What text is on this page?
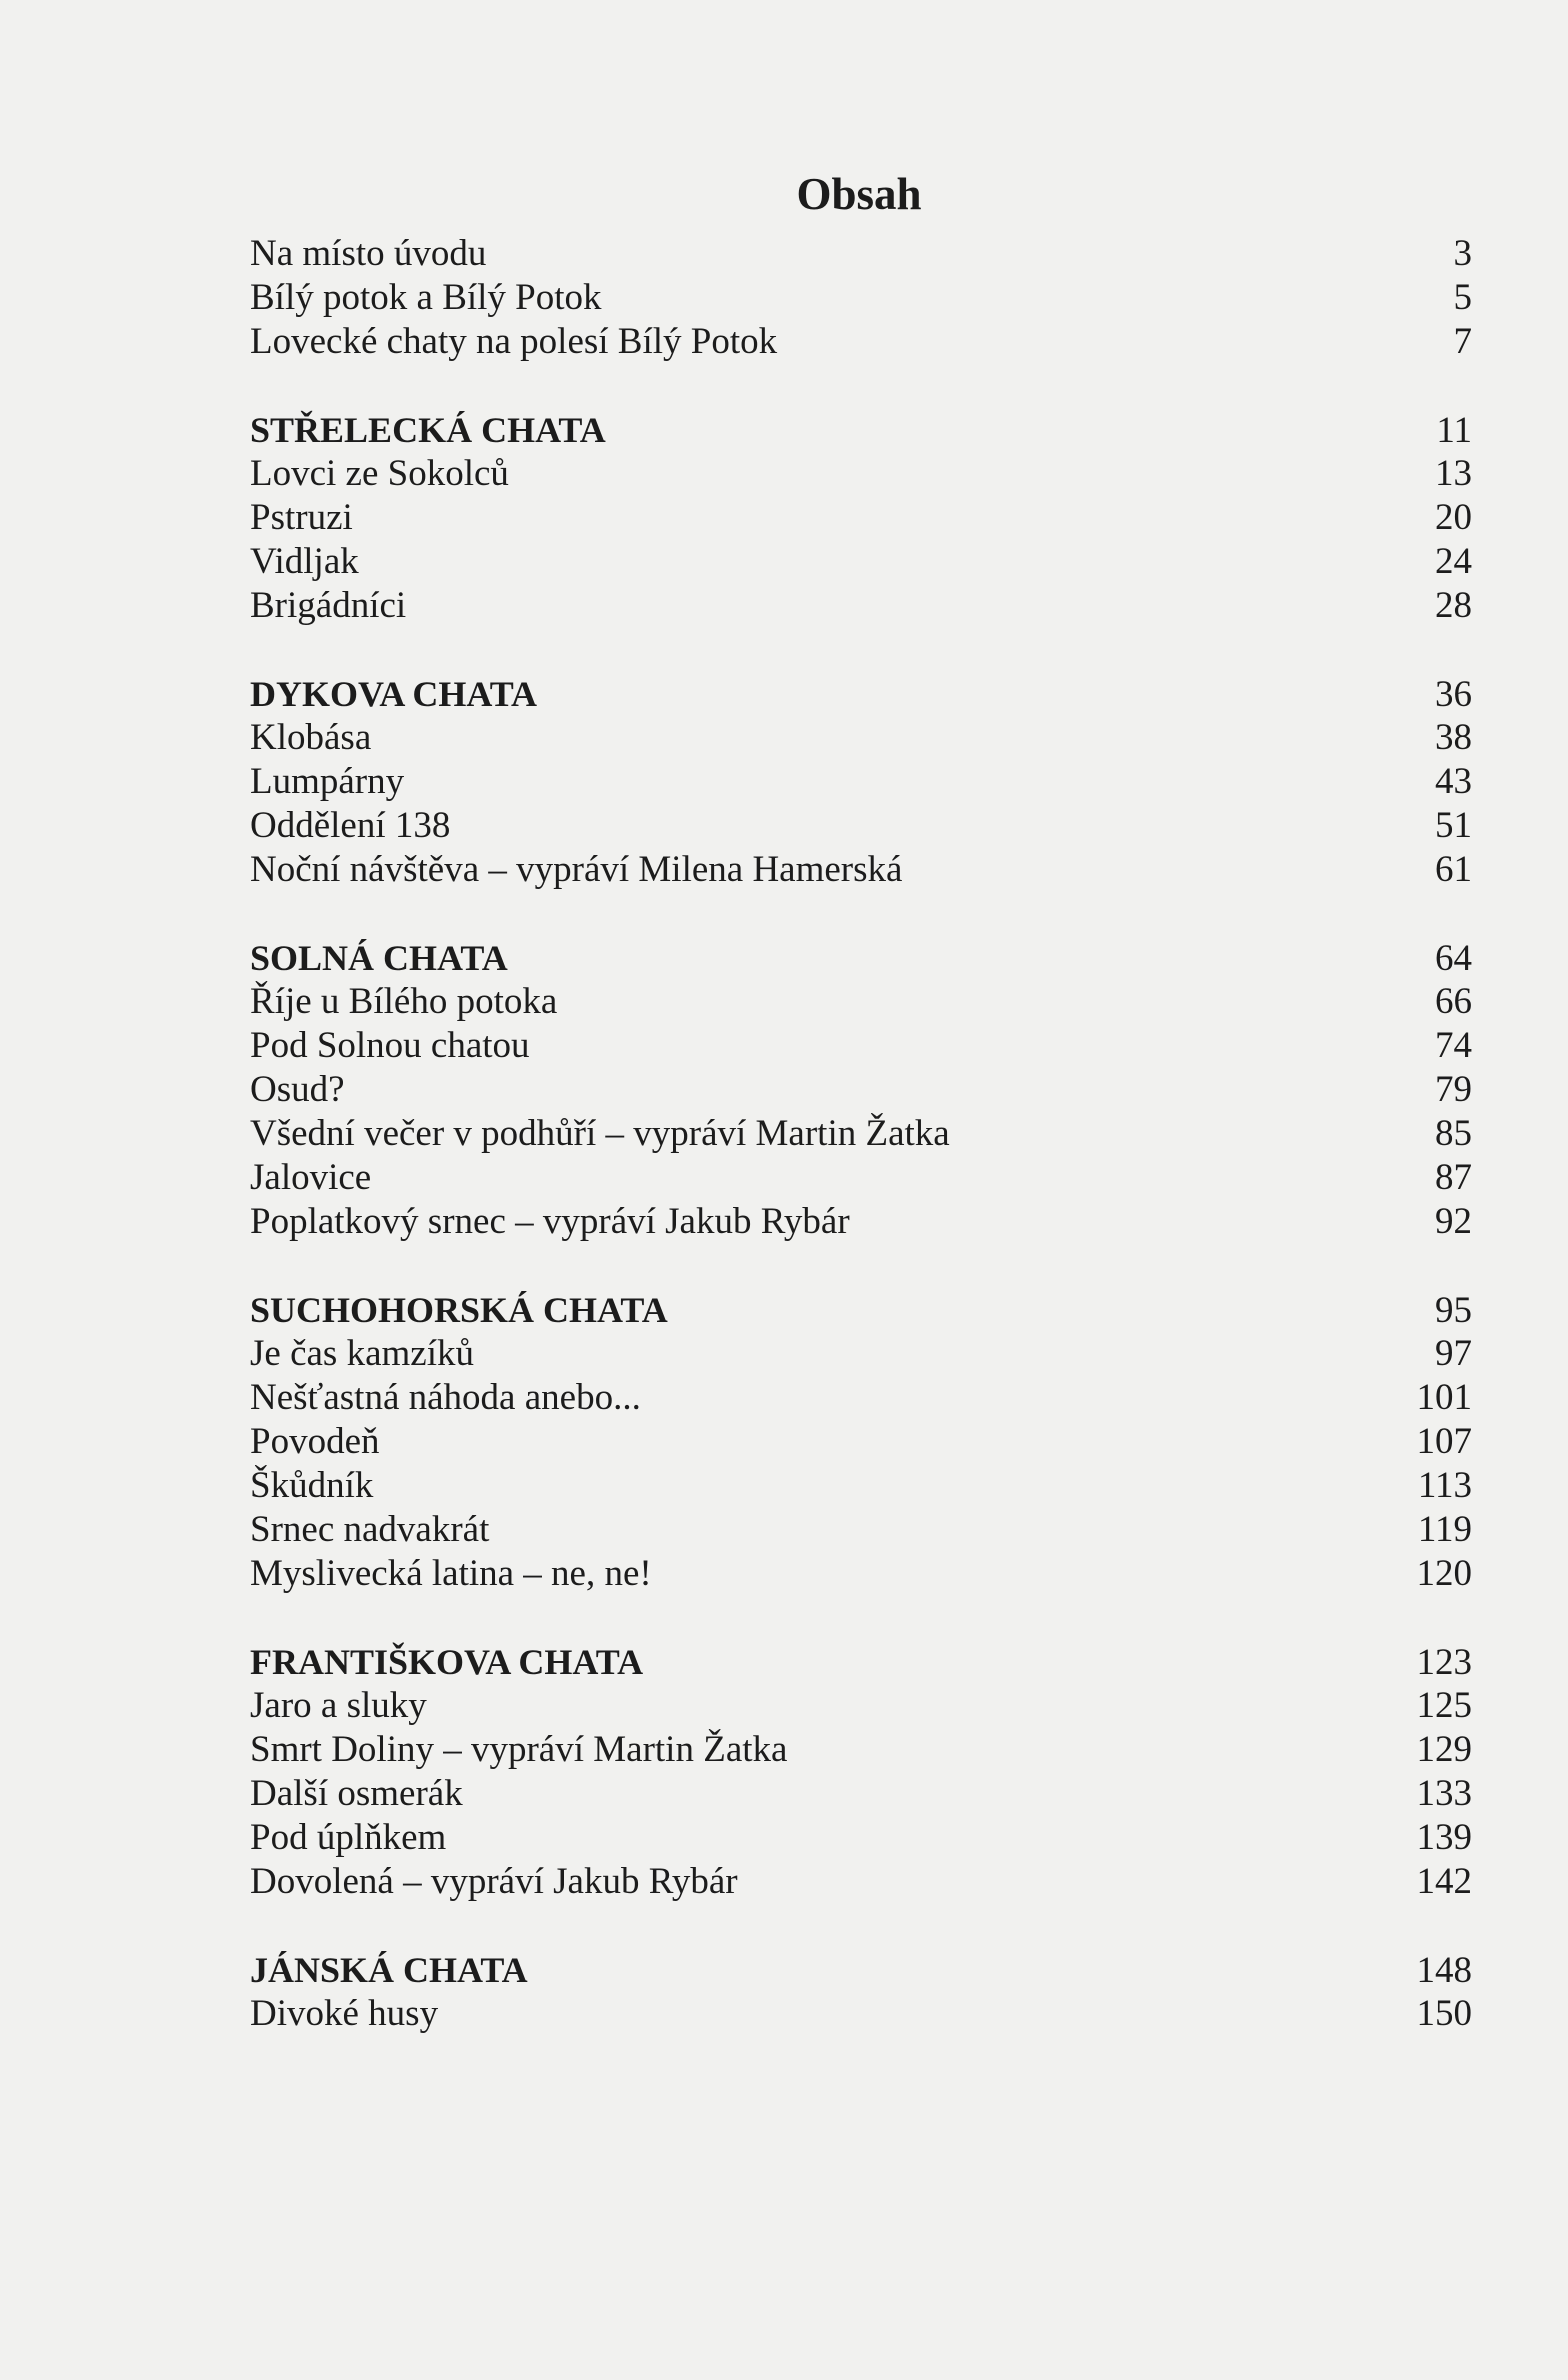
Obsah
Na místo úvodu	3
Bílý potok a Bílý Potok	5
Lovecké chaty na polesí Bílý Potok	7
STŘELECKÁ CHATA	11
Lovci ze Sokolců	13
Pstruzi	20
Vidljak	24
Brigádníci	28
DYKOVA CHATA	36
Klobása	38
Lumpárny	43
Oddělení 138	51
Noční návštěva – vypráví Milena Hamerská	61
SOLNÁ CHATA	64
Říje u Bílého potoka	66
Pod Solnou chatou	74
Osud?	79
Všední večer v podhůří – vypráví Martin Žatka	85
Jalovice	87
Poplatkový srnec – vypráví Jakub Rybár	92
SUCHOHORSKÁ CHATA	95
Je čas kamzíků	97
Nešťastná náhoda anebo...	101
Povodeň	107
Škůdník	113
Srnec nadvakrát	119
Myslivecká latina – ne, ne!	120
FRANTIŠKOVA CHATA	123
Jaro a sluky	125
Smrt Doliny – vypráví Martin Žatka	129
Další osmerák	133
Pod úplňkem	139
Dovolená – vypráví Jakub Rybár	142
JÁNSKÁ CHATA	148
Divoké husy	150
